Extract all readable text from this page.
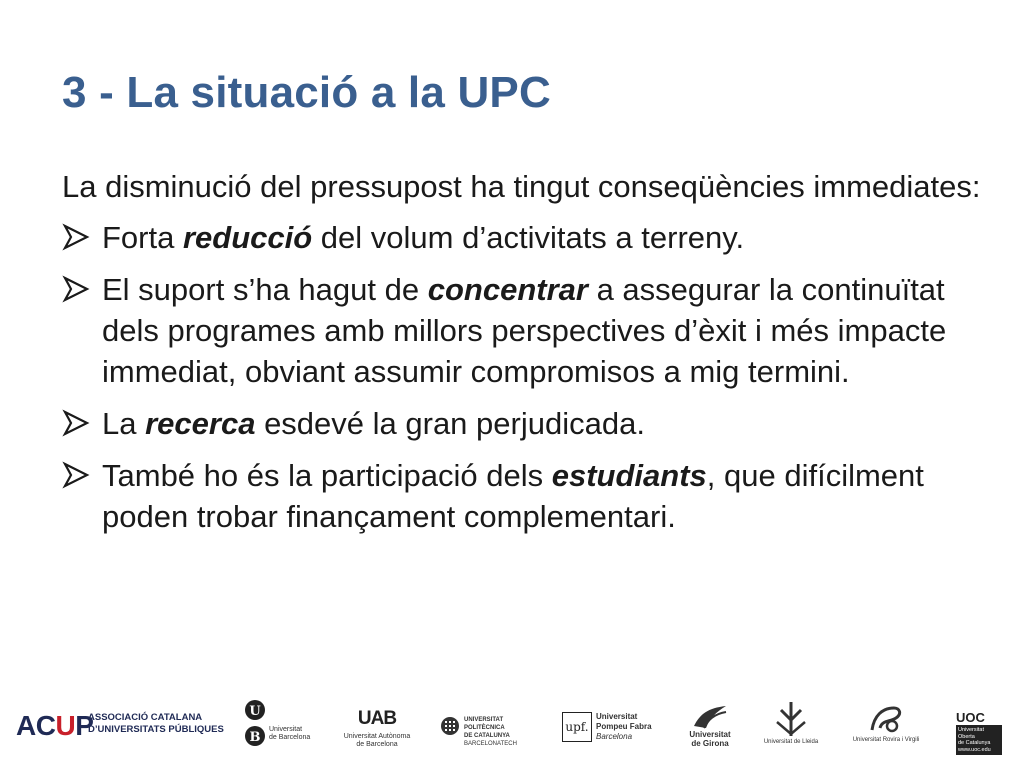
3 - La situació a la UPC

La disminució del pressupost ha tingut conseqüències immediates:

Forta reducció del volum d’activitats a terreny.
El suport s’ha hagut de concentrar a assegurar la continuïtat dels programes amb millors perspectives d’èxit i més impacte immediat, obviant assumir compromisos a mig termini.
La recerca esdevé la gran perjudicada.
També ho és la participació dels estudiants, que difícilment poden trobar finançament complementari.
ACUP
ASSOCIACIÓ CATALANA
D’UNIVERSITATS PÚBLIQUES
U
B
Universitat
de Barcelona
UAB
Universitat Autònoma
de Barcelona
UNIVERSITAT POLITÈCNICA
DE CATALUNYA
BARCELONATECH
upf.
Universitat
Pompeu Fabra
Barcelona	Universitat
de Girona	Universitat de Lleida	Universitat Rovira i Virgili
UOC
Universitat Oberta
de Catalunya
www.uoc.edu
